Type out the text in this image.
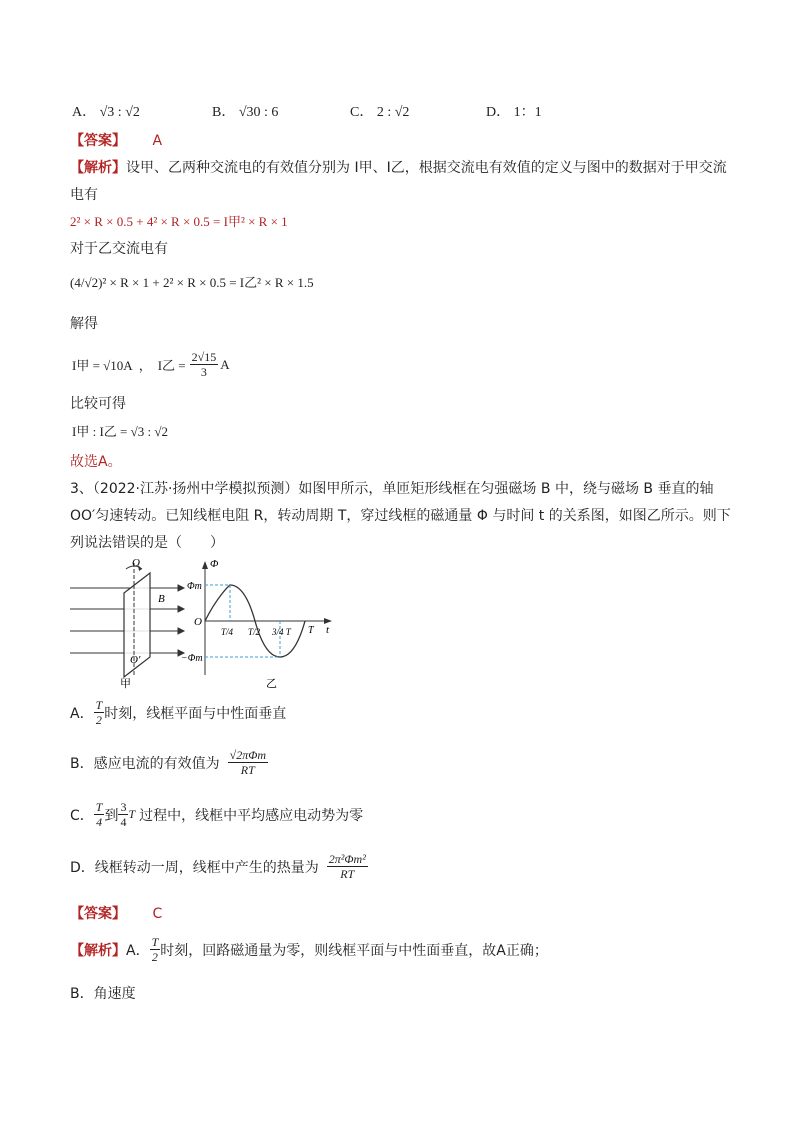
A． √3 : √2	B． √30 : 6	C． 2 : √2	D． 1：1
【答案】 A
【解析】设甲、乙两种交流电的有效值分别为 I甲、I乙，根据交流电有效值的定义与图中的数据对于甲交流
电有
2² × R × 0.5 + 4² × R × 0.5 = I甲² × R × 1
对于乙交流电有
(4/√2)² × R × 1 + 2² × R × 0.5 = I乙² × R × 1.5
解得
I甲 = √10A ， I乙 = $\frac{2√15}{3}$ A
比较可得
I甲 : I乙 = √3 : √2
故选A。
3、（2022·江苏·扬州中学模拟预测）如图甲所示，单匝矩形线框在匀强磁场 B 中，绕与磁场 B 垂直的轴
OO′匀速转动。已知线框电阻 R，转动周期 T，穿过线框的磁通量 Φ 与时间 t 的关系图，如图乙所示。则下
列说法错误的是（　　）
O
B
O′
甲
Φ
t
O
Φm
−Φm
T/4 T/2 3/4 T T
乙
A． $\frac{T}{2}$ 时刻，线框平面与中性面垂直
B． 感应电流的有效值为 $\frac{\text{√2πΦm}}{RT}$
C． $\frac{T}{4}$ 到 $\frac{3}{4}$ T 过程中，线框中平均感应电动势为零
D． 线框转动一周，线框中产生的热量为 $\frac{\text{2π²Φm²}}{RT}$
【答案】 C
【解析】 A． $\frac{T}{2}$ 时刻，回路磁通量为零，则线框平面与中性面垂直，故A正确；
B．角速度
